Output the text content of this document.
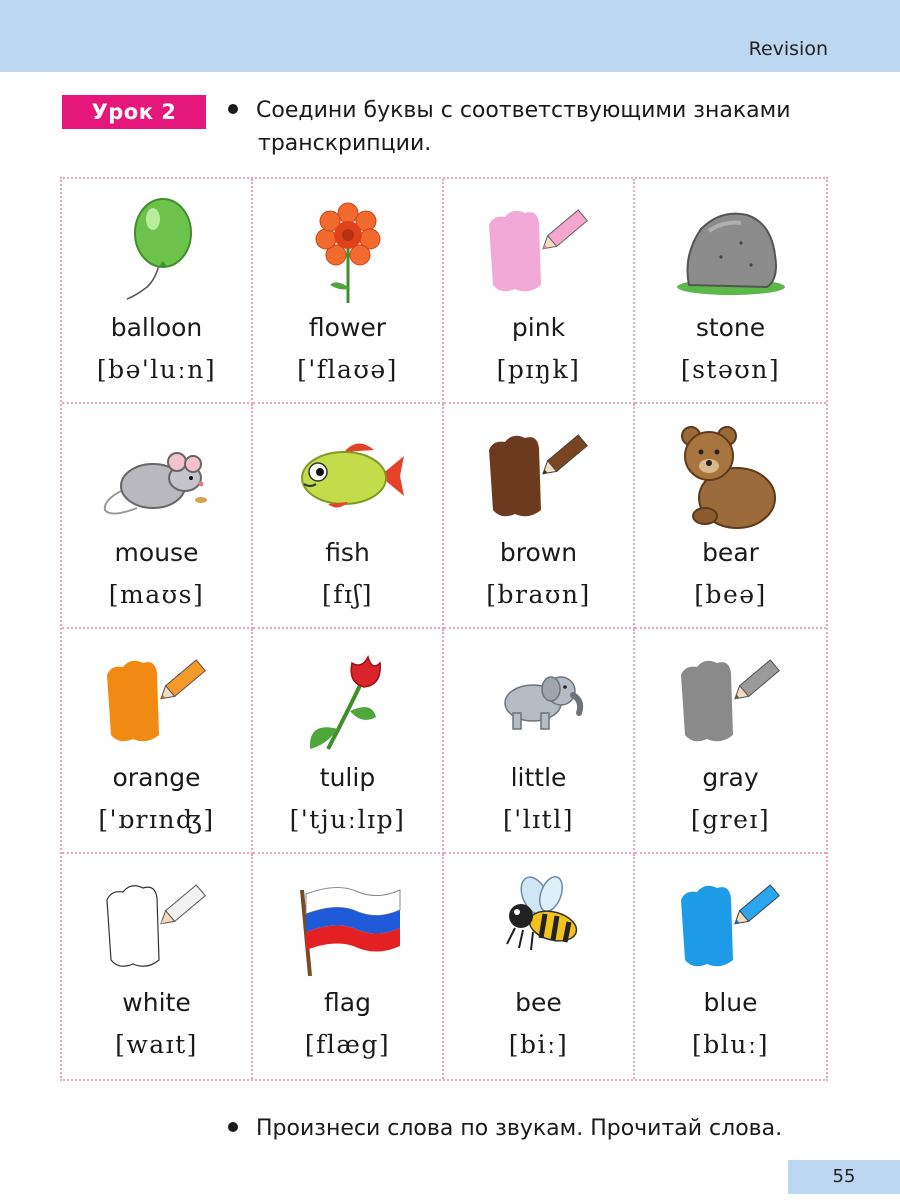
Revision
Урок 2	Соедини буквы с соответствующими знаками
транскрипции.
balloon
[bə'luːn]
flower
['flaʊə]
pink
[pɪŋk]
stone
[stəʊn]
mouse
[maʊs]
fish
[fɪʃ]
brown
[braʊn]
bear
[beə]
orange
['ɒrɪnʤ]
tulip
['tjuːlɪp]
little
['lɪtl]
gray
[greɪ]
white
[waɪt]
flag
[flæg]
bee
[biː]
blue
[bluː]
Произнеси слова по звукам. Прочитай слова.
55
